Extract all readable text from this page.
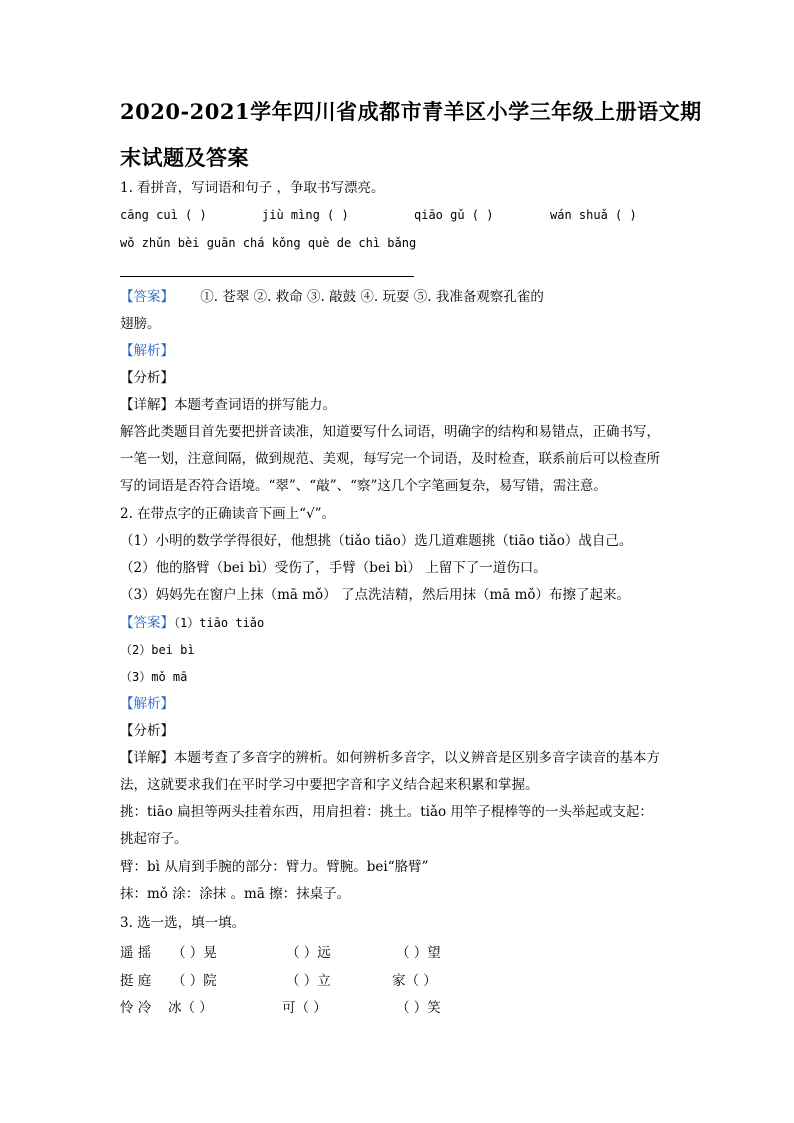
2020-2021学年四川省成都市青羊区小学三年级上册语文期
末试题及答案
1. 看拼音，写词语和句子 ，争取书写漂亮。
cāng cuì ( )	jiù mìng ( )	qiāo gǔ ( )	wán shuǎ ( )
wǒ zhǔn bèi guān chá kǒng què de chì bǎng
【答案】 ①. 苍翠 ②. 救命 ③. 敲鼓 ④. 玩耍 ⑤. 我准备观察孔雀的
翅膀。
【解析】
【分析】
【详解】本题考查词语的拼写能力。
解答此类题目首先要把拼音读准，知道要写什么词语，明确字的结构和易错点，正确书写，
一笔一划，注意间隔，做到规范、美观，每写完一个词语，及时检查，联系前后可以检查所
写的词语是否符合语境。“翠”、“敲”、“察”这几个字笔画复杂，易写错，需注意。
2. 在带点字的正确读音下画上“√”。
（1）小明的数学学得很好，他想挑（tiǎo tiāo）选几道难题挑（tiāo tiǎo）战自己。
（2）他的胳臂（bei bì）受伤了，手臂（bei bì） 上留下了一道伤口。
（3）妈妈先在窗户上抹（mā mǒ） 了点洗洁精，然后用抹（mā mǒ）布擦了起来。
【答案】（1）tiāo tiǎo
（2）bei bì
（3）mǒ mā
【解析】
【分析】
【详解】本题考查了多音字的辨析。如何辨析多音字，以义辨音是区别多音字读音的基本方
法，这就要求我们在平时学习中要把字音和字义结合起来积累和掌握。
挑：tiāo 扁担等两头挂着东西，用肩担着：挑土。tiǎo 用竿子棍棒等的一头举起或支起：
挑起帘子。
臂：bì 从肩到手腕的部分：臂力。臂腕。bei“胳臂”
抹：mǒ 涂：涂抹 。mā 擦：抹桌子。
3. 选一选，填一填。
遥 摇 （ ）晃	（ ）远	（ ）望
挺 庭 （ ）院	（ ）立	家（ ）
怜 冷 冰（ ）	可（ ）	（ ）笑
